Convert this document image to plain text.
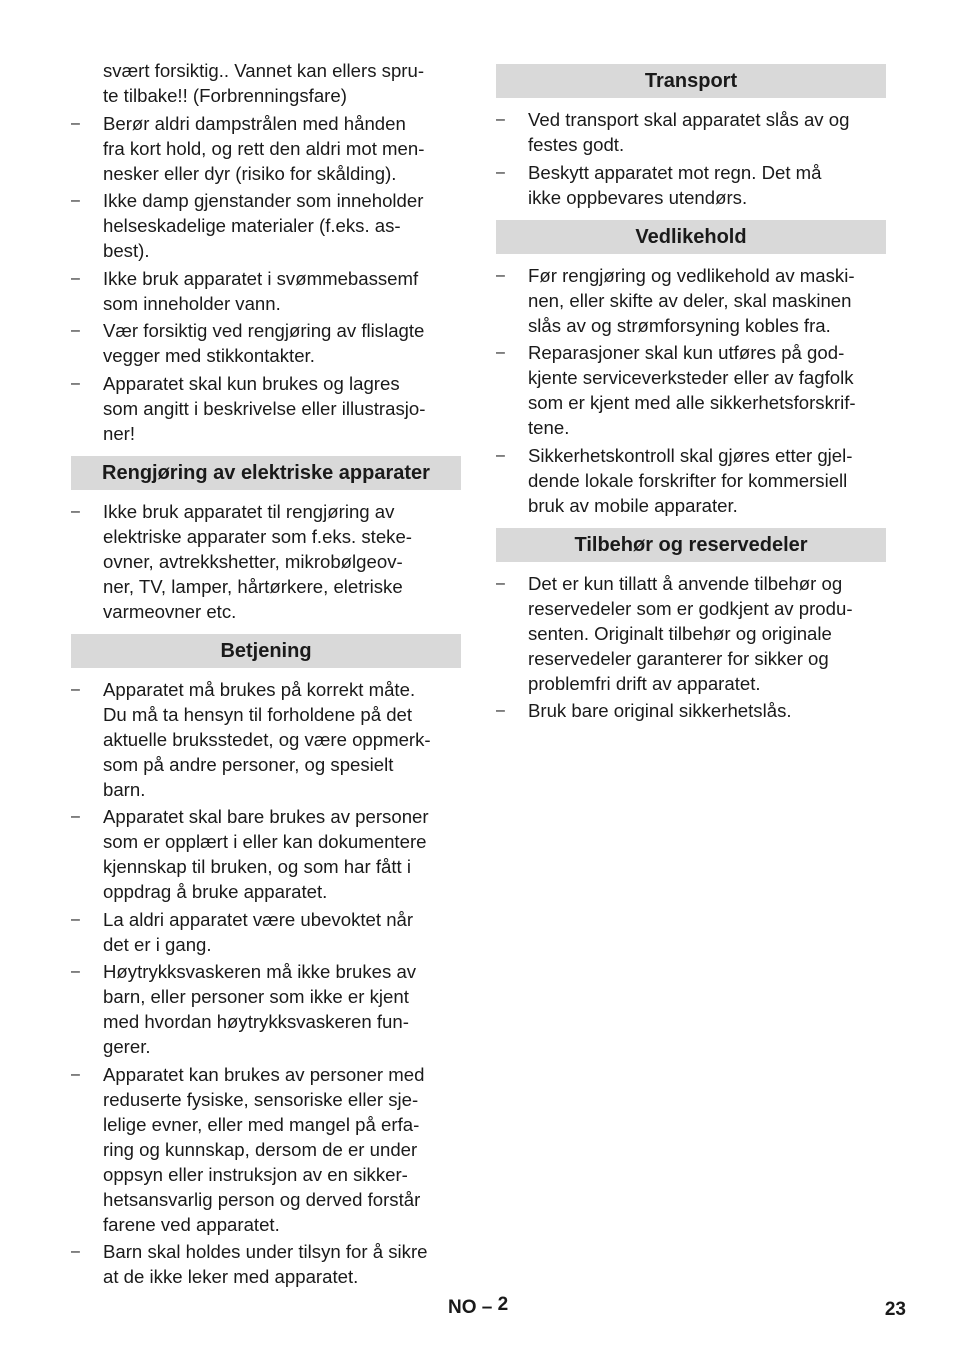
svært forsiktig.. Vannet kan ellers spru-
te tilbake!! (Forbrenningsfare)
– Berør aldri dampstrålen med hånden
fra kort hold, og rett den aldri mot men-
nesker eller dyr (risiko for skålding).
– Ikke damp gjenstander som inneholder
helseskadelige materialer (f.eks. as-
best).
– Ikke bruk apparatet i svømmebassemf
som inneholder vann.
– Vær forsiktig ved rengjøring av flislagte
vegger med stikkontakter.
– Apparatet skal kun brukes og lagres
som angitt i beskrivelse eller illustrasjo-
ner!
Rengjøring av elektriske apparater
– Ikke bruk apparatet til rengjøring av
elektriske apparater som f.eks. steke-
ovner, avtrekkshetter, mikrobølgeov-
ner, TV, lamper, hårtørkere, eletriske
varmeovner etc.
Betjening
– Apparatet må brukes på korrekt måte.
Du må ta hensyn til forholdene på det
aktuelle bruksstedet, og være oppmerk-
som på andre personer, og spesielt
barn.
– Apparatet skal bare brukes av personer
som er opplært i eller kan dokumentere
kjennskap til bruken, og som har fått i
oppdrag å bruke apparatet.
– La aldri apparatet være ubevoktet når
det er i gang.
– Høytrykksvaskeren må ikke brukes av
barn, eller personer som ikke er kjent
med hvordan høytrykksvaskeren fun-
gerer.
– Apparatet kan brukes av personer med
reduserte fysiske, sensoriske eller sje-
lelige evner, eller med mangel på erfa-
ring og kunnskap, dersom de er under
oppsyn eller instruksjon av en sikker-
hetsansvarlig person og derved forstår
farene ved apparatet.
– Barn skal holdes under tilsyn for å sikre
at de ikke leker med apparatet.
Transport
– Ved transport skal apparatet slås av og
festes godt.
– Beskytt apparatet mot regn. Det må
ikke oppbevares utendørs.
Vedlikehold
– Før rengjøring og vedlikehold av maski-
nen, eller skifte av deler, skal maskinen
slås av og strømforsyning kobles fra.
– Reparasjoner skal kun utføres på god-
kjente serviceverksteder eller av fagfolk
som er kjent med alle sikkerhetsforskrif-
tene.
– Sikkerhetskontroll skal gjøres etter gjel-
dende lokale forskrifter for kommersiell
bruk av mobile apparater.
Tilbehør og reservedeler
– Det er kun tillatt å anvende tilbehør og
reservedeler som er godkjent av produ-
senten. Originalt tilbehør og originale
reservedeler garanterer for sikker og
problemfri drift av apparatet.
– Bruk bare original sikkerhetslås.
NO – 2	23
